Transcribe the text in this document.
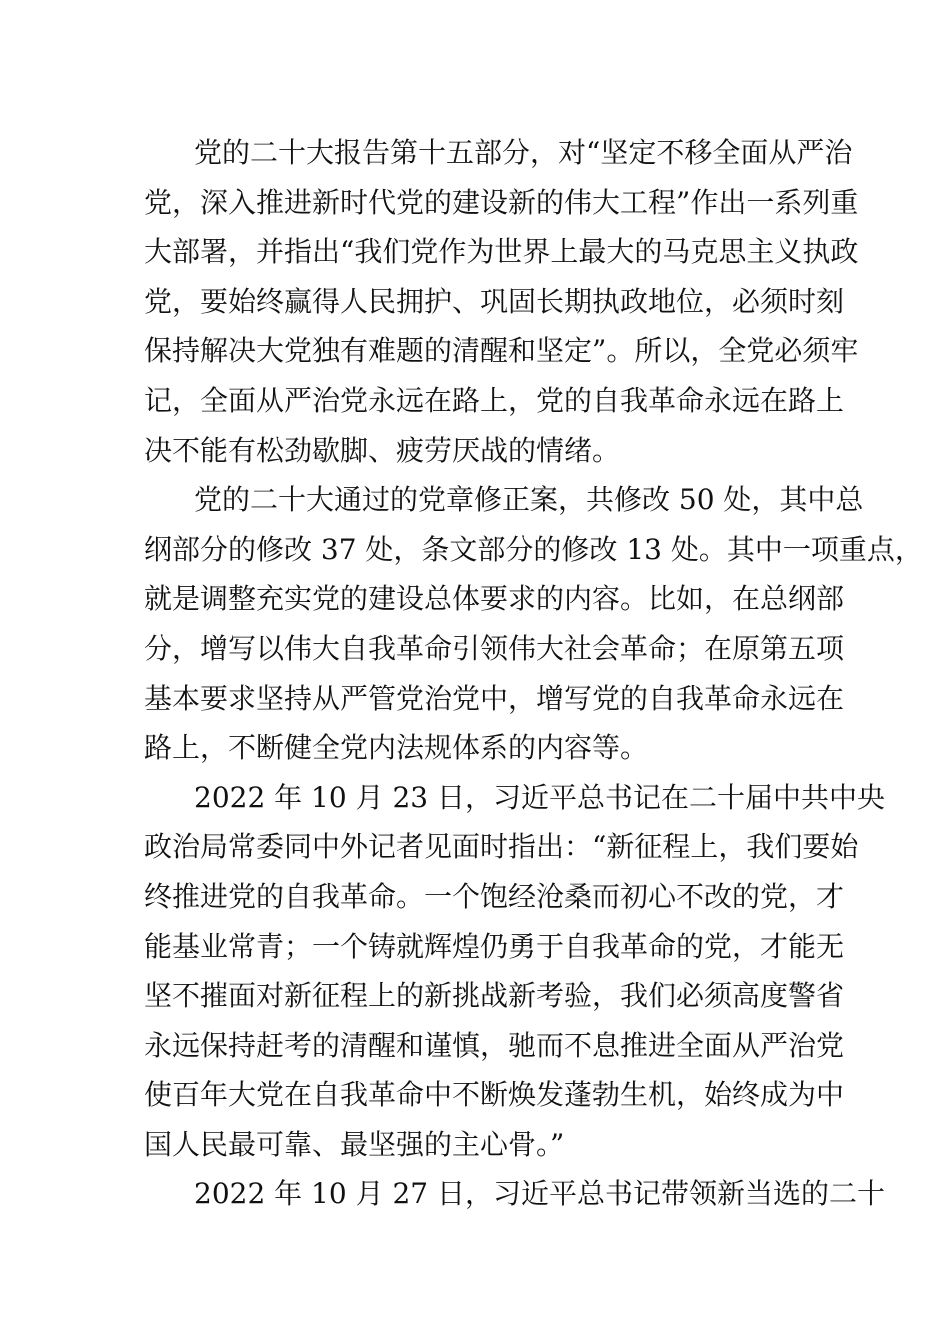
党的二十大报告第十五部分，对“坚定不移全面从严治
党，深入推进新时代党的建设新的伟大工程”作出一系列重
大部署，并指出“我们党作为世界上最大的马克思主义执政
党，要始终赢得人民拥护、巩固长期执政地位，必须时刻
保持解决大党独有难题的清醒和坚定”。所以，全党必须牢
记，全面从严治党永远在路上，党的自我革命永远在路上
决不能有松劲歇脚、疲劳厌战的情绪。
党的二十大通过的党章修正案，共修改 50 处，其中总
纲部分的修改 37 处，条文部分的修改 13 处。其中一项重点，
就是调整充实党的建设总体要求的内容。比如，在总纲部
分，增写以伟大自我革命引领伟大社会革命；在原第五项
基本要求坚持从严管党治党中，增写党的自我革命永远在
路上，不断健全党内法规体系的内容等。
2022 年 10 月 23 日，习近平总书记在二十届中共中央
政治局常委同中外记者见面时指出：“新征程上，我们要始
终推进党的自我革命。一个饱经沧桑而初心不改的党，才
能基业常青；一个铸就辉煌仍勇于自我革命的党，才能无
坚不摧面对新征程上的新挑战新考验，我们必须高度警省
永远保持赶考的清醒和谨慎，驰而不息推进全面从严治党
使百年大党在自我革命中不断焕发蓬勃生机，始终成为中
国人民最可靠、最坚强的主心骨。”
2022 年 10 月 27 日，习近平总书记带领新当选的二十
